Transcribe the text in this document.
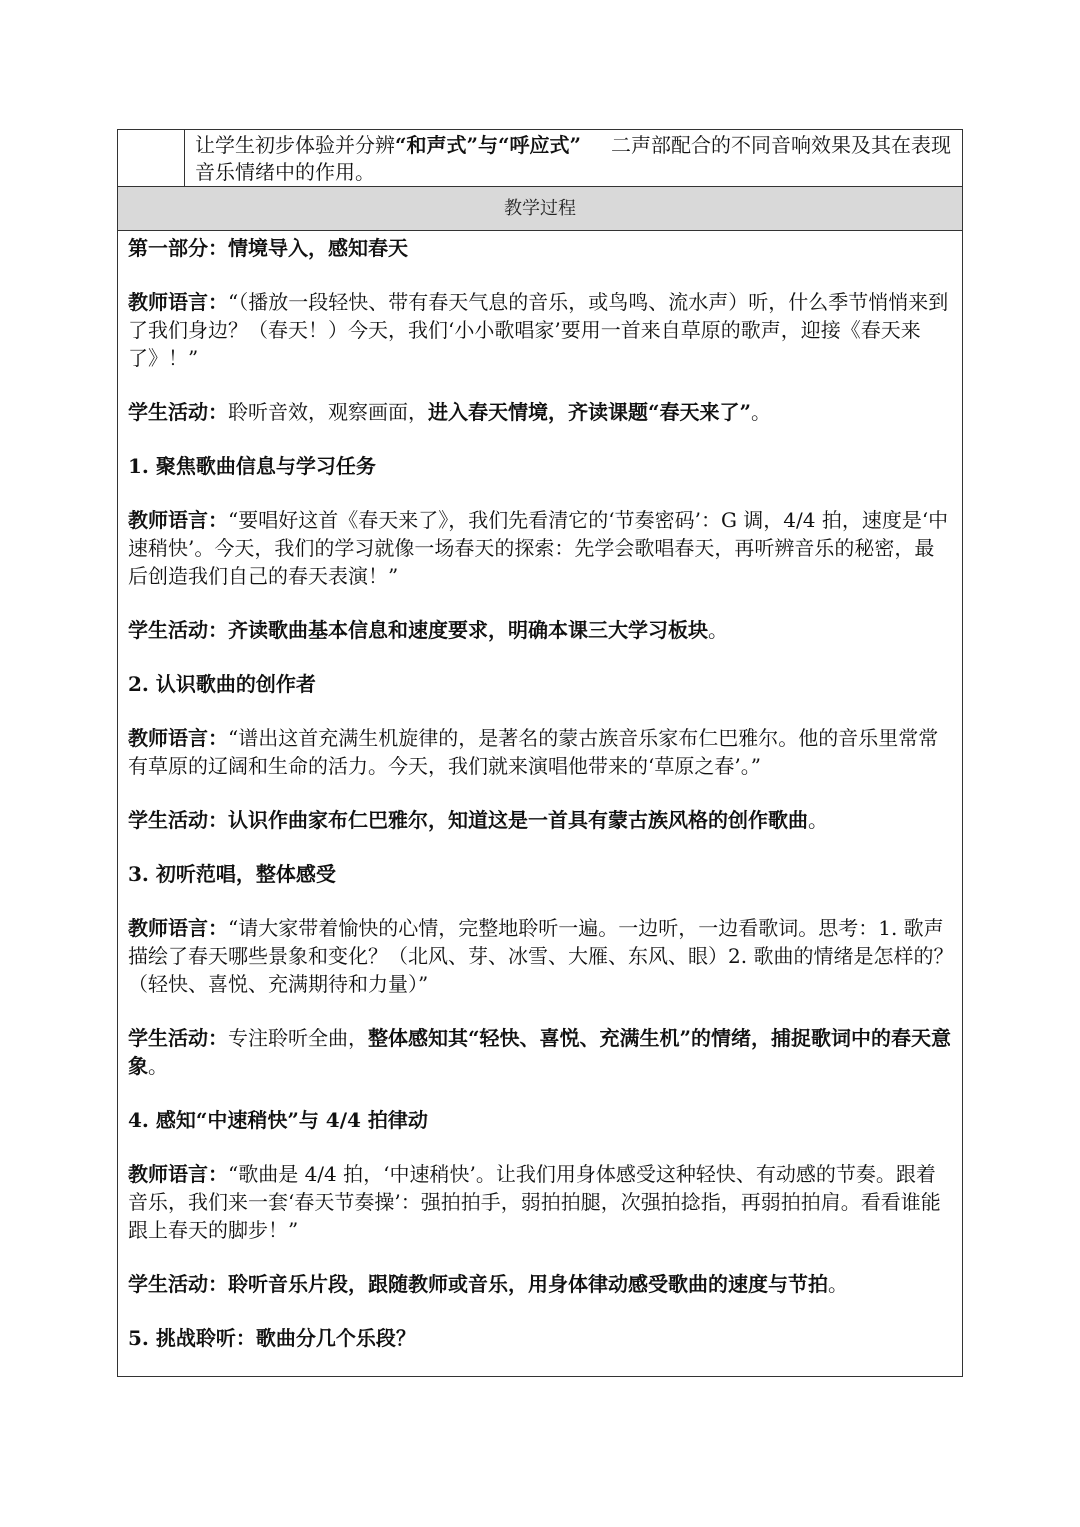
让学生初步体验并分辨“和声式”与“呼应式” 二声部配合的不同音响效果及其在表现音乐情绪中的作用。
教学过程

第一部分：情境导入，感知春天

教师语言：“（播放一段轻快、带有春天气息的音乐，或鸟鸣、流水声）听，什么季节悄悄来到了我们身边？（春天！）今天，我们‘小小歌唱家’要用一首来自草原的歌声，迎接《春天来了》！”

学生活动：聆听音效，观察画面，进入春天情境，齐读课题“春天来了”。

1. 聚焦歌曲信息与学习任务

教师语言：“要唱好这首《春天来了》，我们先看清它的‘节奏密码’：G 调，4/4 拍，速度是‘中速稍快’。今天，我们的学习就像一场春天的探索：先学会歌唱春天，再听辨音乐的秘密，最后创造我们自己的春天表演！”

学生活动：齐读歌曲基本信息和速度要求，明确本课三大学习板块。

2. 认识歌曲的创作者

教师语言：“谱出这首充满生机旋律的，是著名的蒙古族音乐家布仁巴雅尔。他的音乐里常常有草原的辽阔和生命的活力。今天，我们就来演唱他带来的‘草原之春’。”

学生活动：认识作曲家布仁巴雅尔，知道这是一首具有蒙古族风格的创作歌曲。

3. 初听范唱，整体感受

教师语言：“请大家带着愉快的心情，完整地聆听一遍。一边听，一边看歌词。思考：1. 歌声描绘了春天哪些景象和变化？（北风、芽、冰雪、大雁、东风、眼）2. 歌曲的情绪是怎样的？（轻快、喜悦、充满期待和力量）”

学生活动：专注聆听全曲，整体感知其“轻快、喜悦、充满生机”的情绪，捕捉歌词中的春天意象。

4. 感知“中速稍快”与 4/4 拍律动

教师语言：“歌曲是 4/4 拍，‘中速稍快’。让我们用身体感受这种轻快、有动感的节奏。跟着音乐，我们来一套‘春天节奏操’：强拍拍手，弱拍拍腿，次强拍捻指，再弱拍拍肩。看看谁能跟上春天的脚步！”

学生活动：聆听音乐片段，跟随教师或音乐，用身体律动感受歌曲的速度与节拍。

5. 挑战聆听：歌曲分几个乐段？
